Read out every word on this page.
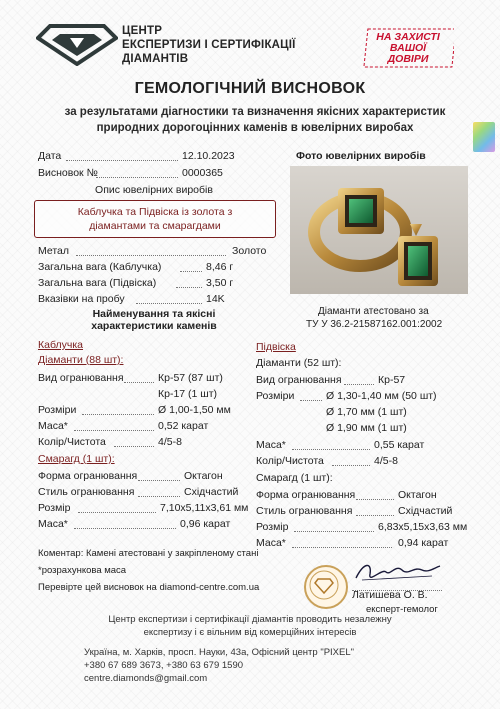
ЦЕНТР
ЕКСПЕРТИЗИ І СЕРТИФІКАЦІЇ
ДІАМАНТІВ
НА ЗАХИСТІ
ВАШОЇ
ДОВІРИ
ГЕМОЛОГІЧНИЙ ВИСНОВОК
за результатами діагностики та визначення якісних характеристик
природних дорогоцінних каменів в ювелірних виробах
Дата	12.10.2023
Висновок №	0000365
Опис ювелірних виробів
Каблучка та Підвіска із золота з
діамантами та смарагдами
Метал	Золото
Загальна вага (Каблучка)	8,46 г
Загальна вага (Підвіска)	3,50 г
Вказівки на пробу	14K
Фото ювелірних виробів
Діаманти атестовано за
ТУ У 36.2-21587162.001:2002
Найменування та якісні
характеристики каменів
Каблучка
Діаманти (88 шт):
Вид огранювання	Кр-57 (87 шт)
Кр-17 (1 шт)
Розміри	Ø 1,00-1,50 мм
Маса*	0,52 карат
Колір/Чистота	4/5-8
Смарагд (1 шт):
Форма огранювання	Октагон
Стиль огранювання	Східчастий
Розмір	7,10x5,11x3,61 мм
Маса*	0,96 карат
Підвіска
Діаманти (52 шт):
Вид огранювання	Кр-57
Розміри	Ø 1,30-1,40 мм (50 шт)
Ø 1,70 мм (1 шт)
Ø 1,90 мм (1 шт)
Маса*	0,55 карат
Колір/Чистота	4/5-8
Смарагд (1 шт):
Форма огранювання	Октагон
Стиль огранювання	Східчастий
Розмір	6,83x5,15x3,63 мм
Маса*	0,94 карат
Коментар: Камені атестовані у закріпленому стані
*розрахункова маса
Перевірте цей висновок на diamond-centre.com.ua
Латишева О. В.
експерт-гемолог
Центр експертизи і сертифікації діамантів проводить незалежну
експертизу і є вільним від комерційних інтересів
Україна, м. Харків, просп. Науки, 43а, Офісний центр "PIXEL"
+380 67 689 3673, +380 63 679 1590
centre.diamonds@gmail.com
